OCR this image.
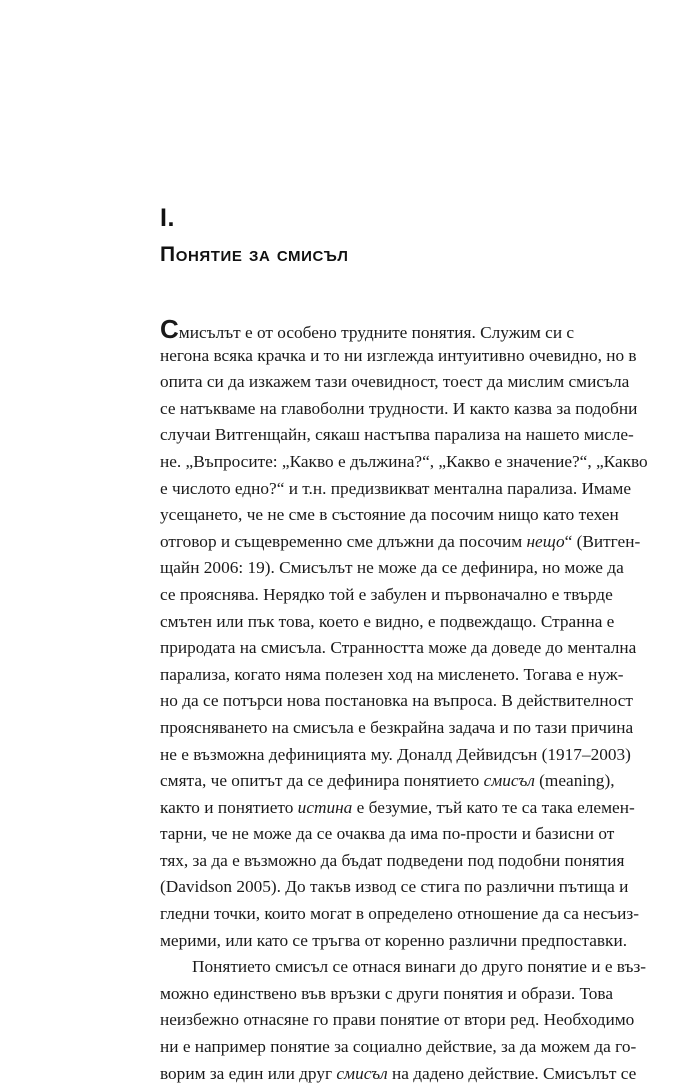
I.
Понятие за смисъл
Смисълът е от особено трудните понятия. Служим си с
негона всяка крачка и то ни изглежда интуитивно очевидно, но в
опита си да изкажем тази очевидност, тоест да мислим смисъла
се натъкваме на главоболни трудности. И както казва за подобни
случаи Витгенщайн, сякаш настъпва парализа на нашето мисле-
не. „Въпросите: „Какво е дължина?“, „Какво е значение?“, „Какво
е числото едно?“ и т.н. предизвикват ментална парализа. Имаме
усещането, че не сме в състояние да посочим нищо като техен
отговор и същевременно сме длъжни да посочим нещо“ (Витген-
щайн 2006: 19). Смисълът не може да се дефинира, но може да
се прояснява. Нерядко той е забулен и първоначално е твърде
смътен или пък това, което е видно, е подвеждащо. Странна е
природата на смисъла. Странността може да доведе до ментална
парализа, когато няма полезен ход на мисленето. Тогава е нуж-
но да се потърси нова постановка на въпроса. В действителност
проясняването на смисъла е безкрайна задача и по тази причина
не е възможна дефиницията му. Доналд Дейвидсън (1917–2003)
смята, че опитът да се дефинира понятието смисъл (meaning),
както и понятието истина е безумие, тъй като те са така елемен-
тарни, че не може да се очаква да има по-прости и базисни от
тях, за да е възможно да бъдат подведени под подобни понятия
(Davidson 2005). До такъв извод се стига по различни пътища и
гледни точки, които могат в определено отношение да са несъиз-
мерими, или като се тръгва от коренно различни предпоставки.
Понятието смисъл се отнася винаги до друго понятие и е въз-
можно единствено във връзки с други понятия и образи. Това
неизбежно отнасяне го прави понятие от втори ред. Необходимо
ни е например понятие за социално действие, за да можем да го-
ворим за един или друг смисъл на дадено действие. Смисълът се
